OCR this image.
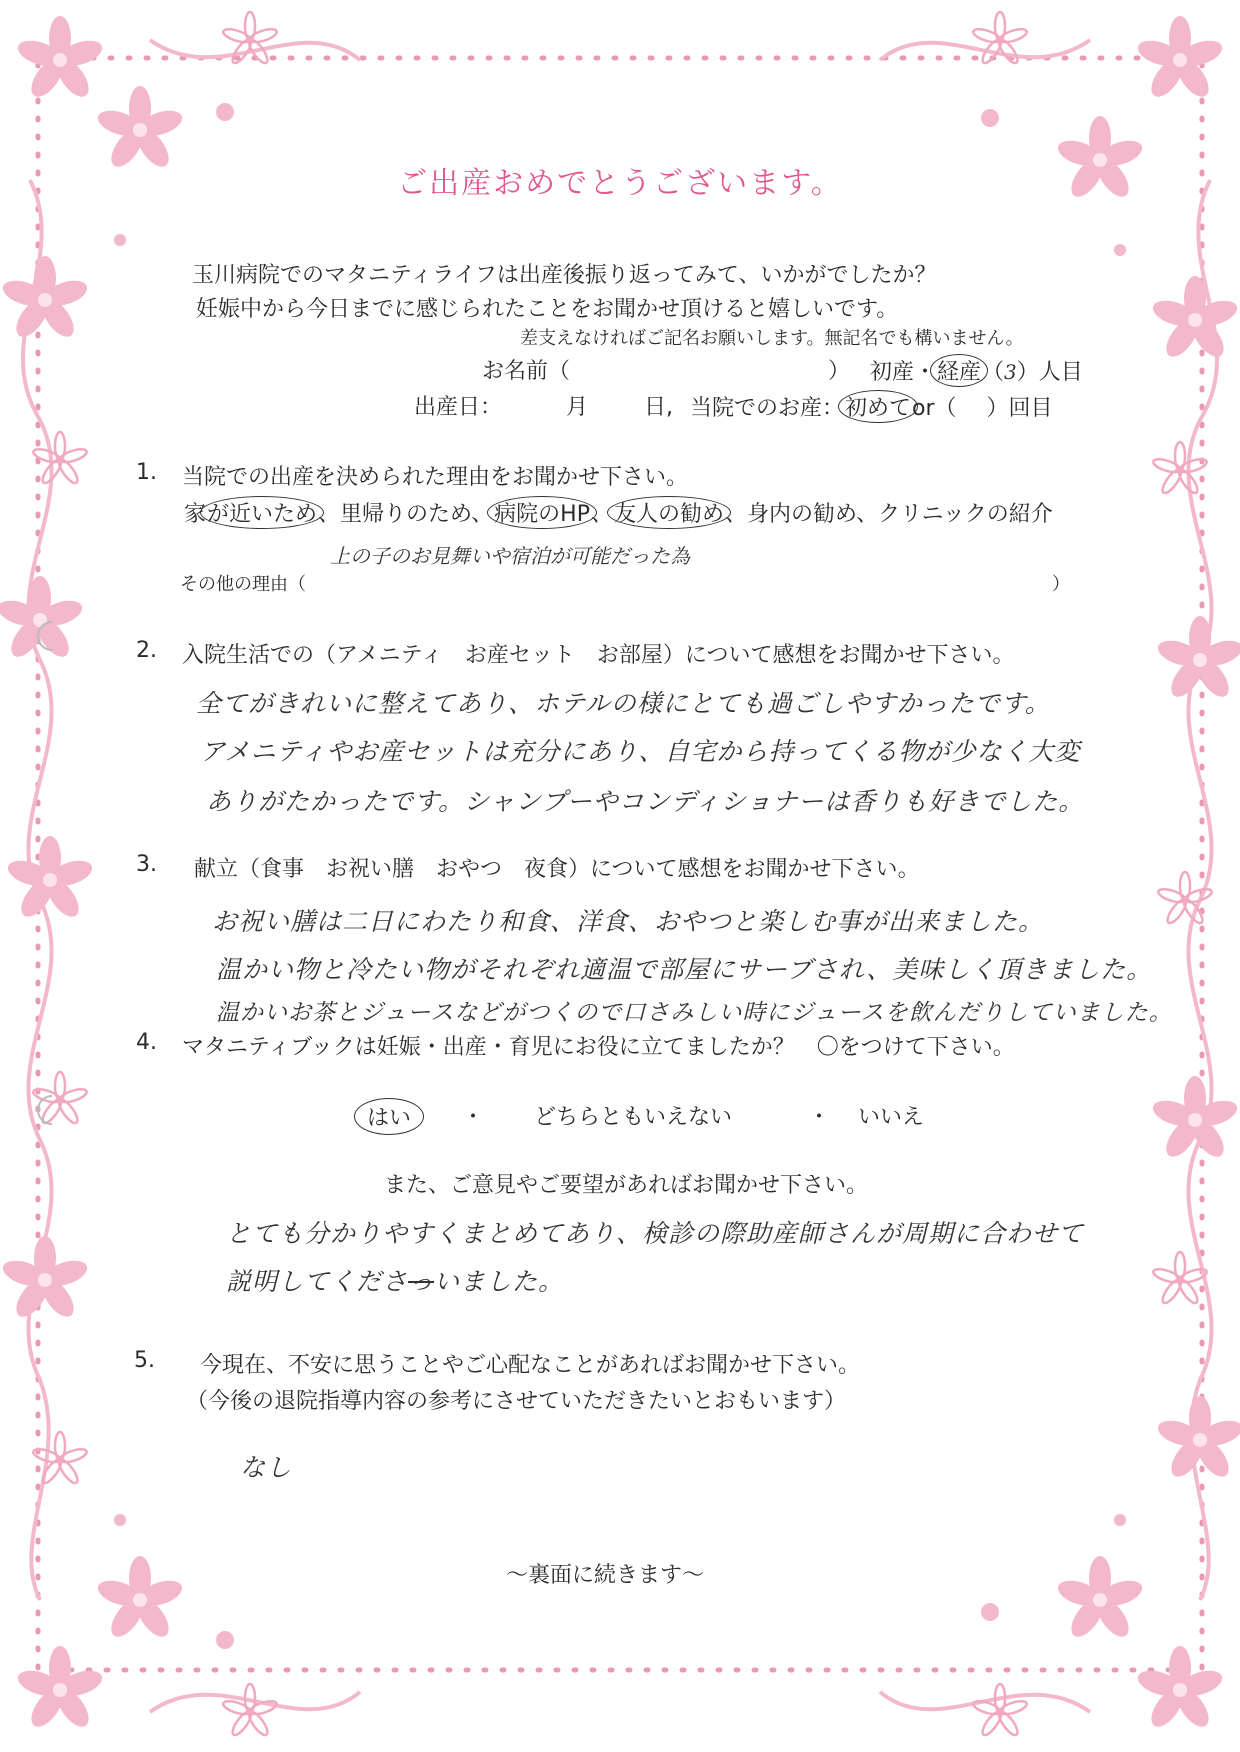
ご出産おめでとうございます。
玉川病院でのマタニティライフは出産後振り返ってみて、いかがでしたか？
妊娠中から今日までに感じられたことをお聞かせ頂けると嬉しいです。
差支えなければご記名お願いします。無記名でも構いません。
お名前（	） 初産・経産（3）人目
出産日：	月	日, 当院でのお産：初めてor（ ）回目
1. 当院での出産を決められた理由をお聞かせ下さい。
家が近いため、里帰りのため、病院のHP、友人の勧め、身内の勧め、クリニックの紹介
上の子のお見舞いや宿泊が可能だった為
その他の理由（	）
2. 入院生活での（アメニティ　お産セット　お部屋）について感想をお聞かせ下さい。
全てがきれいに整えてあり、ホテルの様にとても過ごしやすかったです。
アメニティやお産セットは充分にあり、自宅から持ってくる物が少なく大変
ありがたかったです。シャンプーやコンディショナーは香りも好きでした。
3. 献立（食事　お祝い膳　おやつ　夜食）について感想をお聞かせ下さい。
お祝い膳は二日にわたり和食、洋食、おやつと楽しむ事が出来ました。
温かい物と冷たい物がそれぞれ適温で部屋にサーブされ、美味しく頂きました。
温かいお茶とジュースなどがつくので口さみしい時にジュースを飲んだりしていました。
4. マタニティブックは妊娠・出産・育児にお役に立てましたか？　〇をつけて下さい。
はい	・ どちらともいえない	・ いいえ
また、ご意見やご要望があればお聞かせ下さい。
とても分かりやすくまとめてあり、検診の際助産師さんが周期に合わせて
説明してくださっいました。
5. 今現在、不安に思うことやご心配なことがあればお聞かせ下さい。
（今後の退院指導内容の参考にさせていただきたいとおもいます）
なし
〜裏面に続きます〜
